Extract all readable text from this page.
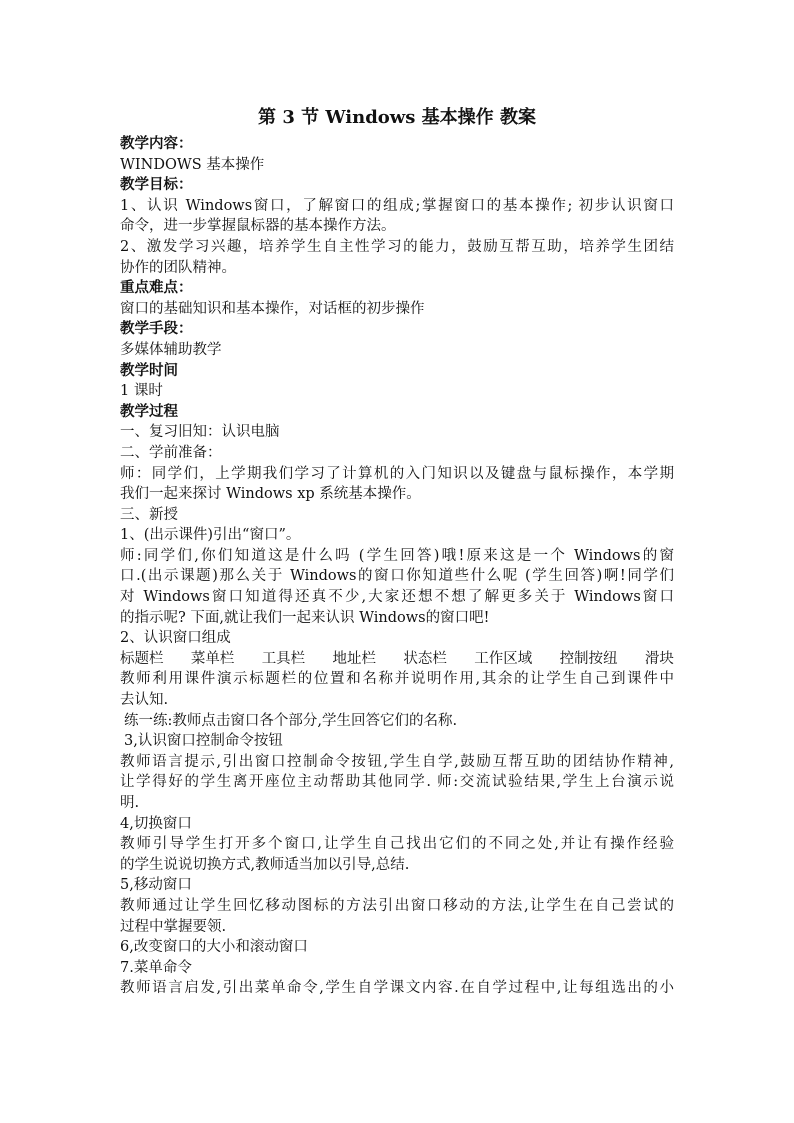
第 3 节 Windows 基本操作 教案
教学内容：
WINDOWS 基本操作
教学目标：
1、认识 Windows窗口，了解窗口的组成;掌握窗口的基本操作; 初步认识窗口
命令，进一步掌握鼠标器的基本操作方法。
2、激发学习兴趣，培养学生自主性学习的能力，鼓励互帮互助，培养学生团结
协作的团队精神。
重点难点：
窗口的基础知识和基本操作，对话框的初步操作
教学手段：
多媒体辅助教学
教学时间
1 课时
教学过程
一、复习旧知：认识电脑
二、学前准备：
师：同学们，上学期我们学习了计算机的入门知识以及键盘与鼠标操作，本学期
我们一起来探讨 Windows xp 系统基本操作。
三、新授
1、(出示课件)引出“窗口”。
师:同学们,你们知道这是什么吗 (学生回答)哦!原来这是一个 Windows的窗
口.(出示课题)那么关于 Windows的窗口你知道些什么呢 (学生回答)啊!同学们
对 Windows窗口知道得还真不少,大家还想不想了解更多关于 Windows窗口
的指示呢? 下面,就让我们一起来认识 Windows的窗口吧!
2、认识窗口组成
标题栏 菜单栏 工具栏 地址栏 状态栏 工作区域 控制按纽 滑块
教师利用课件演示标题栏的位置和名称并说明作用,其余的让学生自己到课件中
去认知.
练一练:教师点击窗口各个部分,学生回答它们的名称.
3,认识窗口控制命令按钮
教师语言提示,引出窗口控制命令按钮,学生自学,鼓励互帮互助的团结协作精神,
让学得好的学生离开座位主动帮助其他同学. 师:交流试验结果,学生上台演示说
明.
4,切换窗口
教师引导学生打开多个窗口,让学生自己找出它们的不同之处,并让有操作经验
的学生说说切换方式,教师适当加以引导,总结.
5,移动窗口
教师通过让学生回忆移动图标的方法引出窗口移动的方法,让学生在自己尝试的
过程中掌握要领.
6,改变窗口的大小和滚动窗口
7.菜单命令
教师语言启发,引出菜单命令,学生自学课文内容.在自学过程中,让每组选出的小
